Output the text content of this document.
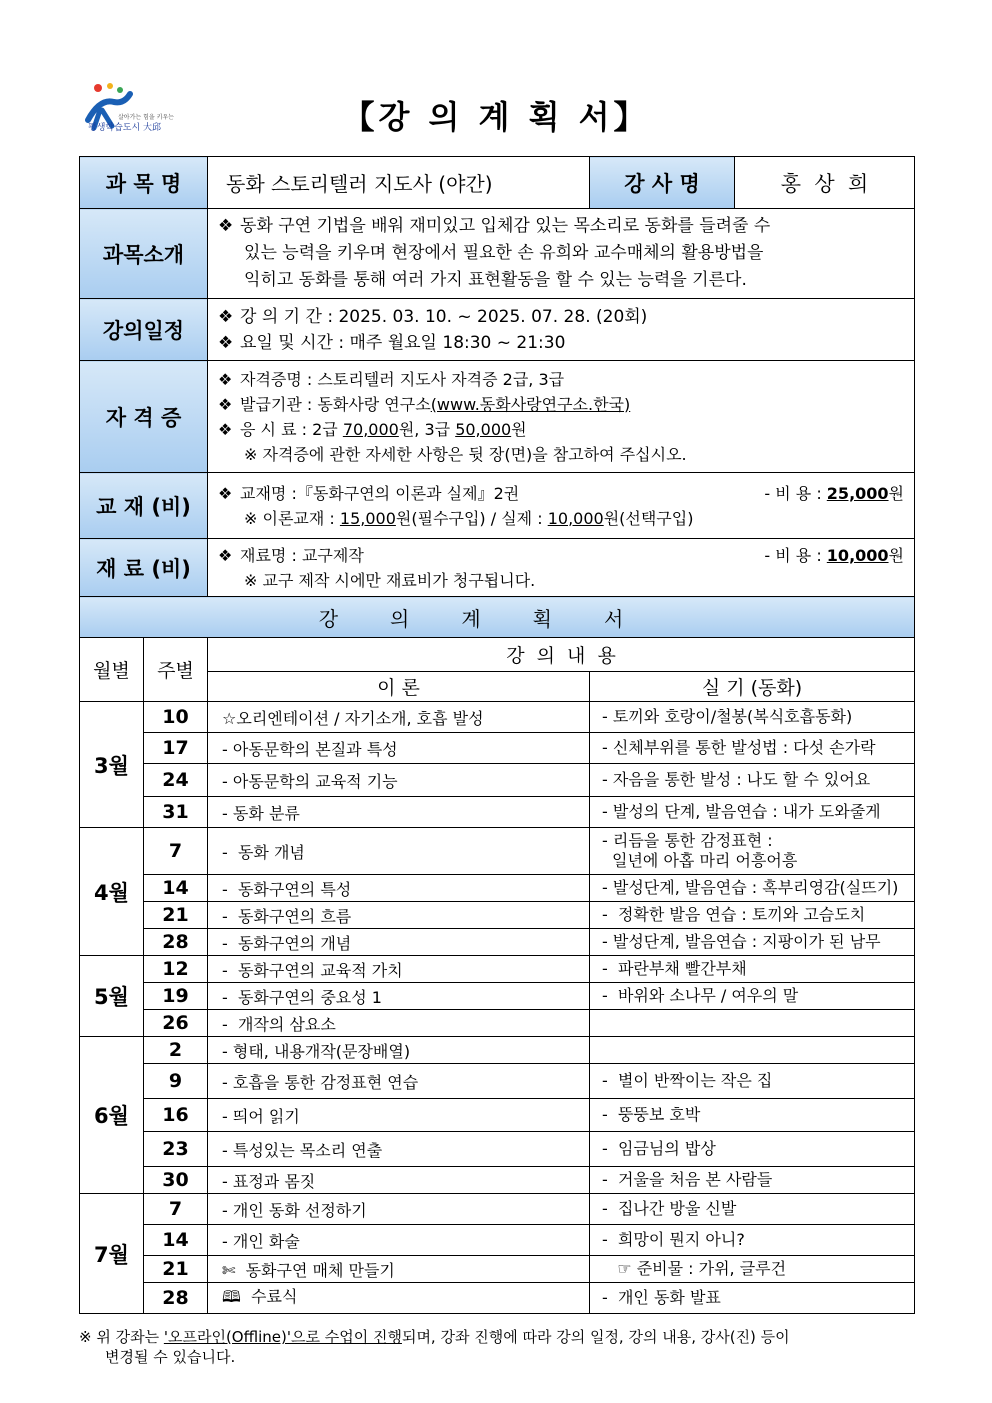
살아가는 힘을 키우는
평생학습도시 大邱	【강 의 계 획 서】
과 목 명		동화 스토리텔러 지도사 (야간)	강 사 명	홍  상  희
과목소개		❖ 동화 구연 기법을 배워 재미있고 입체감 있는 목소리로 동화를 들려줄 수
있는 능력을 키우며 현장에서 필요한 손 유희와 교수매체의 활용방법을
익히고 동화를 통해 여러 가지 표현활동을 할 수 있는 능력을 기른다.		

강의일정		❖ 강 의 기 간 : 2025. 03. 10. ~ 2025. 07. 28. (20회)
❖ 요일 및 시간 : 매주 월요일 18:30 ~ 21:30		

자 격 증		❖ 자격증명 : 스토리텔러 지도사 자격증 2급, 3급
❖ 발급기관 : 동화사랑 연구소(www.동화사랑연구소.한국)
❖ 응 시 료 : 2급 70,000원, 3급 50,000원
※ 자격증에 관한 자세한 사항은 뒷 장(면)을 참고하여 주십시오.		

교 재 (비)		- 비 용 : 25,000원
❖ 교재명 :『동화구연의 이론과 실제』2권
※ 이론교재 : 15,000원(필수구입) / 실제 : 10,000원(선택구입)		

재 료 (비)		- 비 용 : 10,000원
❖ 재료명 : 교구제작
※ 교구 제작 시에만 재료비가 청구됩니다.		

강의계획서				
월별	주별	강  의  내  용		
		이 론	실 기 (동화)	
3월	10	☆오리엔테이션 / 자기소개, 호흡 발성	- 토끼와 호랑이/철봉(복식호흡동화)	

	17	- 아동문학의 본질과 특성	- 신체부위를 통한 발성법 : 다섯 손가락	

	24	- 아동문학의 교육적 기능	- 자음을 통한 발성 : 나도 할 수 있어요	

	31	- 동화 분류	- 발성의 단계, 발음연습 : 내가 도와줄게	

4월	7	-  동화 개념	- 리듬을 통한 감정표현 :
일년에 아홉 마리 어흥어흥	

	14	-  동화구연의 특성	- 발성단계, 발음연습 : 혹부리영감(실뜨기)	

	21	-  동화구연의 흐름	-  정확한 발음 연습 : 토끼와 고슴도치	

	28	-  동화구연의 개념	- 발성단계, 발음연습 : 지팡이가 된 남무	

5월	12	-  동화구연의 교육적 가치	-  파란부채 빨간부채	

	19	-  동화구연의 중요성 1	-  바위와 소나무 / 여우의 말	

	26	-  개작의 삼요소		

6월	2	- 형태, 내용개작(문장배열)		

	9	- 호흡을 통한 감정표현 연습	-  별이 반짝이는 작은 집	

	16	- 띄어 읽기	-  뚱뚱보 호박	

	23	- 특성있는 목소리 연출	-  임금님의 밥상	

	30	- 표정과 몸짓	-  거울을 처음 본 사람들	

7월	7	- 개인 동화 선정하기	-  집나간 방울 신발	

	14	- 개인 화술	-  희망이 뭔지 아니?	

	21	✄  동화구연 매체 만들기	☞ 준비물 : 가위, 글루건	

	28	🕮  수료식	-  개인 동화 발표	
※ 위 강좌는 '오프라인(Offline)'으로 수업이 진행되며, 강좌 진행에 따라 강의 일정, 강의 내용, 강사(진) 등이
변경될 수 있습니다.
